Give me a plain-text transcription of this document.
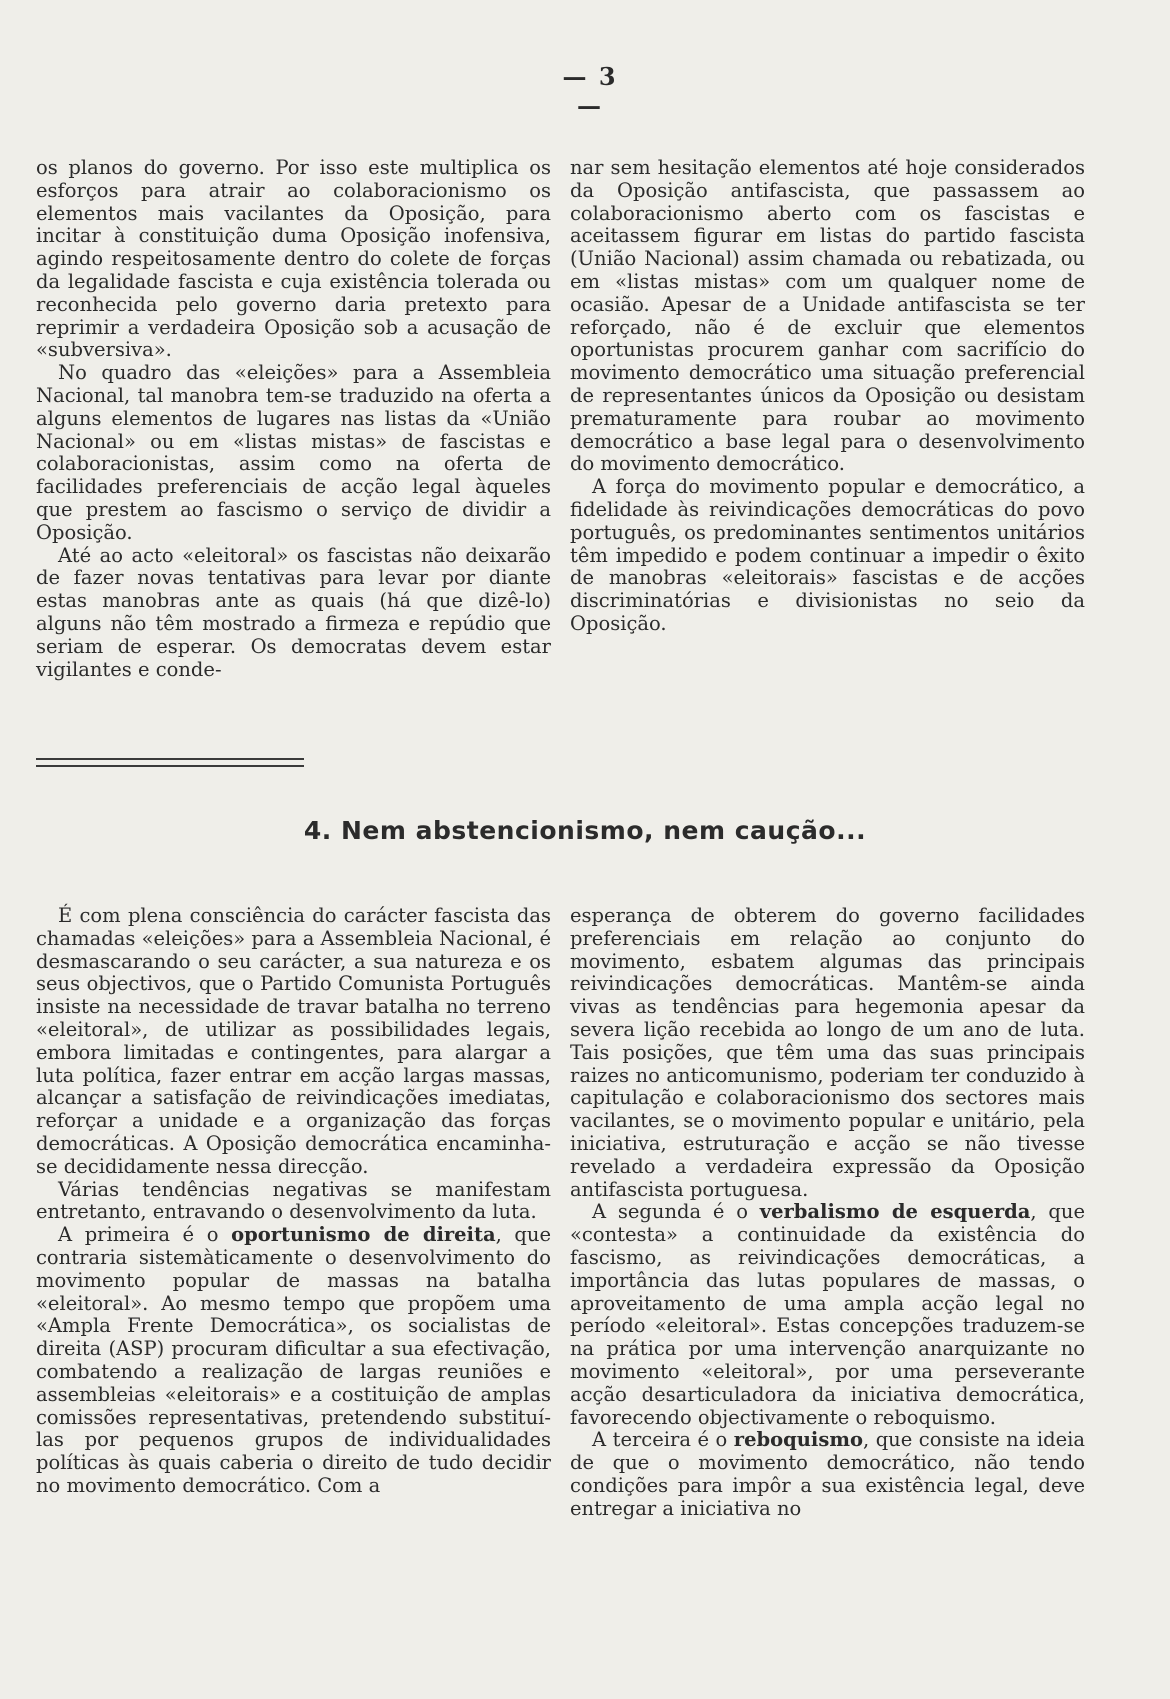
— 3 —

os planos do governo. Por isso este multiplica os esforços para atrair ao colaboracionismo os elementos mais vacilantes da Oposição, para incitar à constituição duma Oposição inofensiva, agindo respeitosamente dentro do colete de forças da legalidade fascista e cuja existência tolerada ou reconhecida pelo governo daria pretexto para reprimir a verdadeira Oposição sob a acusação de «subversiva».

No quadro das «eleições» para a Assembleia Nacional, tal manobra tem-se traduzido na oferta a alguns elementos de lugares nas listas da «União Nacional» ou em «listas mistas» de fascistas e colaboracionistas, assim como na oferta de facilidades preferenciais de acção legal àqueles que prestem ao fascismo o serviço de dividir a Oposição.

Até ao acto «eleitoral» os fascistas não deixarão de fazer novas tentativas para levar por diante estas manobras ante as quais (há que dizê-lo) alguns não têm mostrado a firmeza e repúdio que seriam de esperar. Os democratas devem estar vigilantes e conde-

nar sem hesitação elementos até hoje considerados da Oposição antifascista, que passassem ao colaboracionismo aberto com os fascistas e aceitassem figurar em listas do partido fascista (União Nacional) assim chamada ou rebatizada, ou em «listas mistas» com um qualquer nome de ocasião. Apesar de a Unidade antifascista se ter reforçado, não é de excluir que elementos oportunistas procurem ganhar com sacrifício do movimento democrático uma situação preferencial de representantes únicos da Oposição ou desistam prematuramente para roubar ao movimento democrático a base legal para o desenvolvimento do movimento democrático.

A força do movimento popular e democrático, a fidelidade às reivindicações democráticas do povo português, os predominantes sentimentos unitários têm impedido e podem continuar a impedir o êxito de manobras «eleitorais» fascistas e de acções discriminatórias e divisionistas no seio da Oposição.

4. Nem abstencionismo, nem caução...

É com plena consciência do carácter fascista das chamadas «eleições» para a Assembleia Nacional, é desmascarando o seu carácter, a sua natureza e os seus objectivos, que o Partido Comunista Português insiste na necessidade de travar batalha no terreno «eleitoral», de utilizar as possibilidades legais, embora limitadas e contingentes, para alargar a luta política, fazer entrar em acção largas massas, alcançar a satisfação de reivindicações imediatas, reforçar a unidade e a organização das forças democráticas. A Oposição democrática encaminha-se decididamente nessa direcção.

Várias tendências negativas se manifestam entretanto, entravando o desenvolvimento da luta.

A primeira é o oportunismo de direita, que contraria sistemàticamente o desenvolvimento do movimento popular de massas na batalha «eleitoral». Ao mesmo tempo que propõem uma «Ampla Frente Democrática», os socialistas de direita (ASP) procuram dificultar a sua efectivação, combatendo a realização de largas reuniões e assembleias «eleitorais» e a costituição de amplas comissões representativas, pretendendo substituí-las por pequenos grupos de individualidades políticas às quais caberia o direito de tudo decidir no movimento democrático. Com a

esperança de obterem do governo facilidades preferenciais em relação ao conjunto do movimento, esbatem algumas das principais reivindicações democráticas. Mantêm-se ainda vivas as tendências para hegemonia apesar da severa lição recebida ao longo de um ano de luta. Tais posições, que têm uma das suas principais raizes no anticomunismo, poderiam ter conduzido à capitulação e colaboracionismo dos sectores mais vacilantes, se o movimento popular e unitário, pela iniciativa, estruturação e acção se não tivesse revelado a verdadeira expressão da Oposição antifascista portuguesa.

A segunda é o verbalismo de esquerda, que «contesta» a continuidade da existência do fascismo, as reivindicações democráticas, a importância das lutas populares de massas, o aproveitamento de uma ampla acção legal no período «eleitoral». Estas concepções traduzem-se na prática por uma intervenção anarquizante no movimento «eleitoral», por uma perseverante acção desarticuladora da iniciativa democrática, favorecendo objectivamente o reboquismo.

A terceira é o reboquismo, que consiste na ideia de que o movimento democrático, não tendo condições para impôr a sua existência legal, deve entregar a iniciativa no
